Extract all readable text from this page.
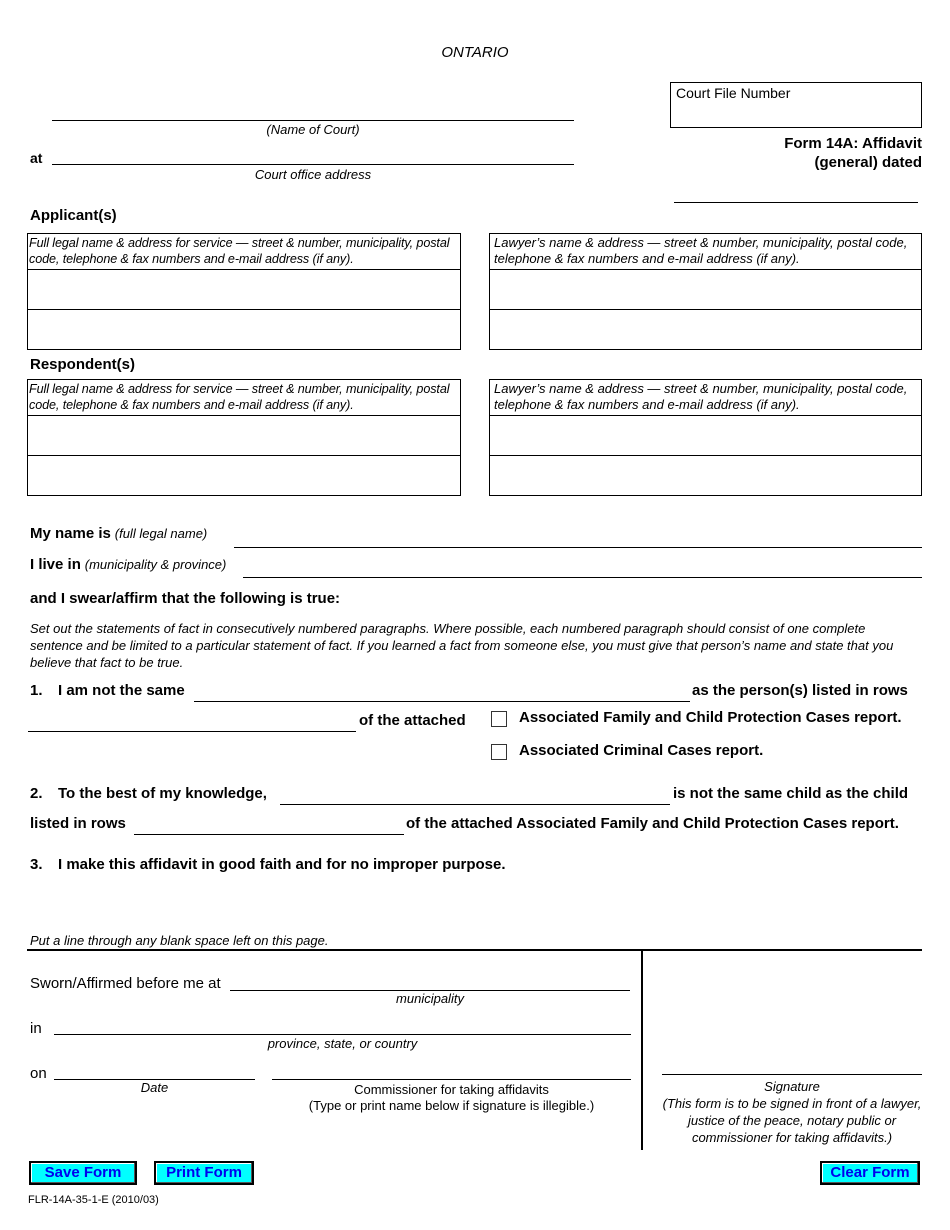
ONTARIO
Court File Number
(Name of Court)
at
Court office address
Form 14A: Affidavit
(general) dated
Applicant(s)
Full legal name & address for service — street & number, municipality, postal code, telephone & fax numbers and e-mail address (if any).
Lawyer’s name & address — street & number, municipality, postal code, telephone & fax numbers and e-mail address (if any).
Respondent(s)
Full legal name & address for service — street & number, municipality, postal code, telephone & fax numbers and e-mail address (if any).
Lawyer’s name & address — street & number, municipality, postal code, telephone & fax numbers and e-mail address (if any).
My name is (full legal name)
I live in (municipality & province)
and I swear/affirm that the following is true:
Set out the statements of fact in consecutively numbered paragraphs. Where possible, each numbered paragraph should consist of one complete sentence and be limited to a particular statement of fact. If you learned a fact from someone else, you must give that person’s name and state that you believe that fact to be true.
1. I am not the same	as the person(s) listed in rows
of the attached	Associated Family and Child Protection Cases report.
Associated Criminal Cases report.
2. To the best of my knowledge,	is not the same child as the child
listed in rows	of the attached Associated Family and Child Protection Cases report.
3. I make this affidavit in good faith and for no improper purpose.
Put a line through any blank space left on this page.
Sworn/Affirmed before me at
municipality
in
province, state, or country
on
Date	Commissioner for taking affidavits
(Type or print name below if signature is illegible.)
Signature
(This form is to be signed in front of a lawyer, justice of the peace, notary public or commissioner for taking affidavits.)
Save Form	Print Form	Clear Form
FLR-14A-35-1-E (2010/03)
